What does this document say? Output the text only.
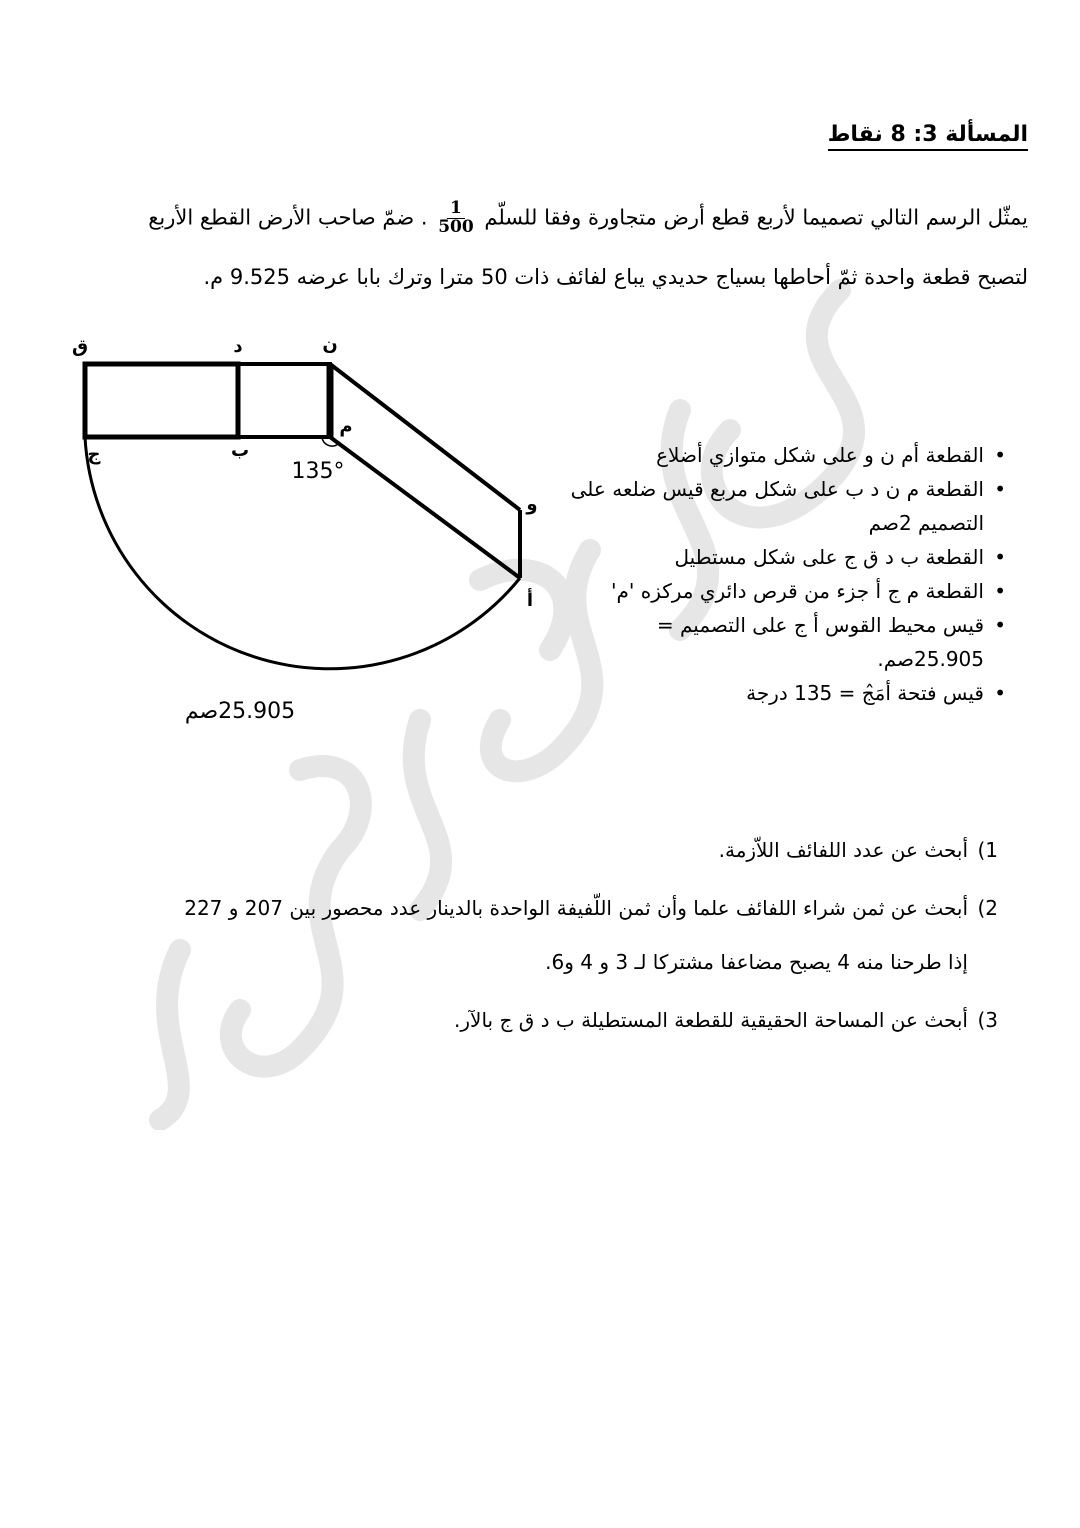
المسألة 3: 8 نقاط
يمثّل الرسم التالي تصميما لأربع قطع أرض متجاورة وفقا للسلّم
$\frac{1}{500}$
. ضمّ صاحب الأرض القطع الأربع
لتصبح قطعة واحدة ثمّ أحاطها بسياج حديدي يباع لفائف ذات 50 مترا وترك بابا عرضه 9.525 م.
ق	د	ن
ج	ب
م
و
أ
135°
25.905صم
• القطعة أم ن و على شكل متوازي أضلاع
• القطعة م ن د ب على شكل مربع قيس ضلعه على التصميم 2صم
• القطعة ب د ق ج على شكل مستطيل
• القطعة م ج أ جزء من قرص دائري مركزه 'م'
• قيس محيط القوس أ ج على التصميم = 25.905صم.
• قيس فتحة أمَ̂ج = 135 درجة
1)
أبحث عن عدد اللفائف اللاّزمة.
2)
أبحث عن ثمن شراء اللفائف علما وأن ثمن اللّفيفة الواحدة بالدينار عدد محصور بين 207 و 227
إذا طرحنا منه 4 يصبح مضاعفا مشتركا لـ 3 و 4 و6.
3)
أبحث عن المساحة الحقيقية للقطعة المستطيلة ب د ق ج بالآر.
